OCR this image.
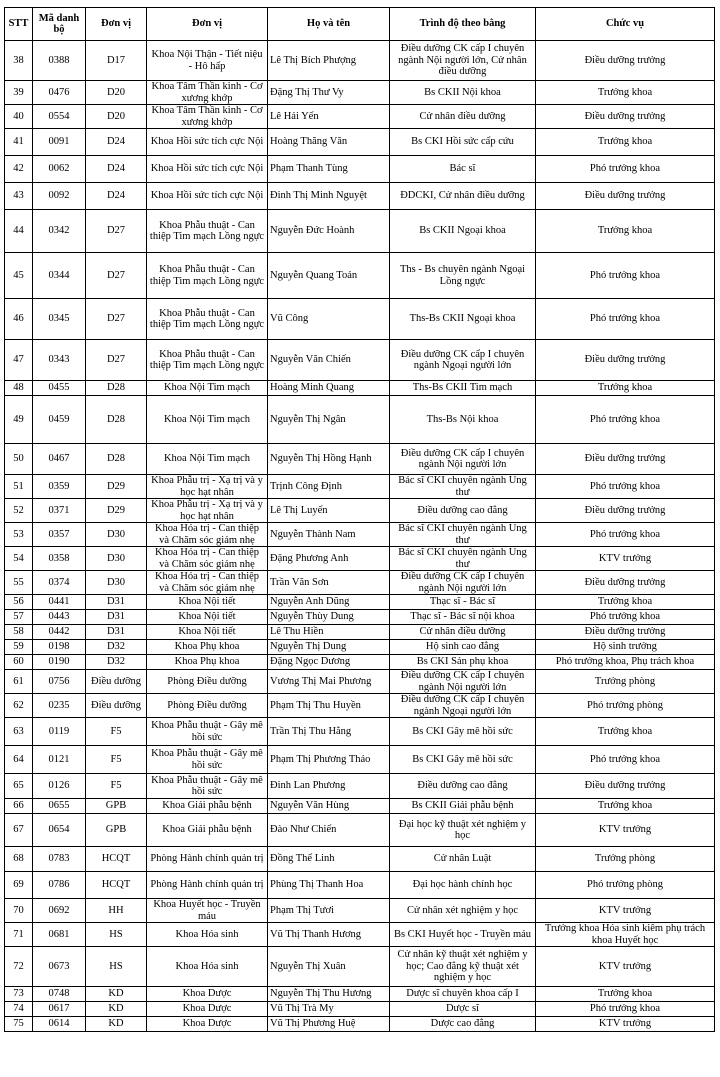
STT	Mã danh bộ	Đơn vị	Đơn vị	Họ và tên	Trình độ theo bằng	Chức vụ
38	0388	D17	Khoa Nội Thận - Tiết niệu - Hô hấp	Lê Thị Bích Phượng	Điều dưỡng CK cấp I chuyên ngành Nội người lớn, Cử nhân điều dưỡng	Điều dưỡng trưởng
39	0476	D20	Khoa Tâm Thần kinh - Cơ xương khớp	Đặng Thị Thư Vy	Bs CKII Nội khoa	Trưởng khoa
40	0554	D20	Khoa Tâm Thần kinh - Cơ xương khớp	Lê Hải Yến	Cử nhân điều dưỡng	Điều dưỡng trưởng
41	0091	D24	Khoa Hồi sức tích cực Nội	Hoàng Thăng Văn	Bs CKI Hồi sức cấp cứu	Trưởng khoa
42	0062	D24	Khoa Hồi sức tích cực Nội	Phạm Thanh Tùng	Bác sĩ	Phó trưởng khoa
43	0092	D24	Khoa Hồi sức tích cực Nội	Đinh Thị Minh Nguyệt	ĐDCKI, Cử nhân điều dưỡng	Điều dưỡng trưởng
44	0342	D27	Khoa Phẫu thuật - Can thiệp Tim mạch Lồng ngực	Nguyễn Đức Hoành	Bs CKII Ngoại khoa	Trưởng khoa
45	0344	D27	Khoa Phẫu thuật - Can thiệp Tim mạch Lồng ngực	Nguyễn Quang Toản	Ths - Bs chuyên ngành Ngoại Lồng ngực	Phó trưởng khoa
46	0345	D27	Khoa Phẫu thuật - Can thiệp Tim mạch Lồng ngực	Vũ Công	Ths-Bs CKII Ngoại khoa	Phó trưởng khoa
47	0343	D27	Khoa Phẫu thuật - Can thiệp Tim mạch Lồng ngực	Nguyễn Văn Chiến	Điều dưỡng CK cấp I chuyên ngành Ngoại người lớn	Điều dưỡng trưởng
48	0455	D28	Khoa Nội Tim mạch	Hoàng Minh Quang	Ths-Bs CKII Tim mạch	Trưởng khoa
49	0459	D28	Khoa Nội Tim mạch	Nguyễn Thị Ngân	Ths-Bs Nội khoa	Phó trưởng khoa
50	0467	D28	Khoa Nội Tim mạch	Nguyễn Thị Hồng Hạnh	Điều dưỡng CK cấp I chuyên ngành Nội người lớn	Điều dưỡng trưởng
51	0359	D29	Khoa Phẫu trị - Xạ trị và y học hạt nhân	Trịnh Công Định	Bác sĩ CKI chuyên ngành Ung thư	Phó trưởng khoa
52	0371	D29	Khoa Phẫu trị - Xạ trị và y học hạt nhân	Lê Thị Luyến	Điều dưỡng cao đẳng	Điều dưỡng trưởng
53	0357	D30	Khoa Hóa trị - Can thiệp và Chăm sóc giảm nhẹ	Nguyễn Thành Nam	Bác sĩ CKI chuyên ngành Ung thư	Phó trưởng khoa
54	0358	D30	Khoa Hóa trị - Can thiệp và Chăm sóc giảm nhẹ	Đặng Phương Anh	Bác sĩ CKI chuyên ngành Ung thư	KTV trưởng
55	0374	D30	Khoa Hóa trị - Can thiệp và Chăm sóc giảm nhẹ	Trần Văn Sơn	Điều dưỡng CK cấp I chuyên ngành Nội người lớn	Điều dưỡng trưởng
56	0441	D31	Khoa Nội tiết	Nguyễn Anh Dũng	Thạc sĩ - Bác sĩ	Trưởng khoa
57	0443	D31	Khoa Nội tiết	Nguyễn Thùy Dung	Thạc sĩ - Bác sĩ nội khoa	Phó trưởng khoa
58	0442	D31	Khoa Nội tiết	Lê Thu Hiền	Cử nhân điều dưỡng	Điều dưỡng trưởng
59	0198	D32	Khoa Phụ khoa	Nguyễn Thị Dung	Hộ sinh cao đẳng	Hộ sinh trưởng
60	0190	D32	Khoa Phụ khoa	Đặng Ngọc Dương	Bs CKI Sản phụ khoa	Phó trưởng khoa, Phụ trách khoa
61	0756	Điều dưỡng	Phòng Điều dưỡng	Vương Thị Mai Phương	Điều dưỡng CK cấp I chuyên ngành Nội người lớn	Trưởng phòng
62	0235	Điều dưỡng	Phòng Điều dưỡng	Phạm Thị Thu Huyền	Điều dưỡng CK cấp I chuyên ngành Ngoại người lớn	Phó trưởng phòng
63	0119	F5	Khoa Phẫu thuật - Gây mê hồi sức	Trần Thị Thu Hằng	Bs CKI Gây mê hồi sức	Trưởng khoa
64	0121	F5	Khoa Phẫu thuật - Gây mê hồi sức	Phạm Thị Phương Thảo	Bs CKI Gây mê hồi sức	Phó trưởng khoa
65	0126	F5	Khoa Phẫu thuật - Gây mê hồi sức	Đinh Lan Phương	Điều dưỡng cao đẳng	Điều dưỡng trưởng
66	0655	GPB	Khoa Giải phẫu bệnh	Nguyễn Văn Hùng	Bs CKII Giải phẫu bệnh	Trưởng khoa
67	0654	GPB	Khoa Giải phẫu bệnh	Đào Như Chiến	Đại học kỹ thuật xét nghiệm y học	KTV trưởng
68	0783	HCQT	Phòng Hành chính quản trị	Đồng Thế Linh	Cử nhân Luật	Trưởng phòng
69	0786	HCQT	Phòng Hành chính quản trị	Phùng Thị Thanh Hoa	Đại học hành chính học	Phó trưởng phòng
70	0692	HH	Khoa Huyết học - Truyền máu	Phạm Thị Tươi	Cử nhân xét nghiệm y học	KTV trưởng
71	0681	HS	Khoa Hóa sinh	Vũ Thị Thanh Hương	Bs CKI Huyết học - Truyền máu	Trưởng khoa Hóa sinh kiêm phụ trách khoa Huyết học
72	0673	HS	Khoa Hóa sinh	Nguyễn Thị Xuân	Cử nhân kỹ thuật xét nghiệm y học; Cao đẳng kỹ thuật xét nghiệm y học	KTV trưởng
73	0748	KD	Khoa Dược	Nguyễn Thị Thu Hương	Dược sĩ chuyên khoa cấp I	Trưởng khoa
74	0617	KD	Khoa Dược	Vũ Thị Trà My	Dược sĩ	Phó trưởng khoa
75	0614	KD	Khoa Dược	Vũ Thị Phương Huệ	Dược cao đẳng	KTV trưởng
